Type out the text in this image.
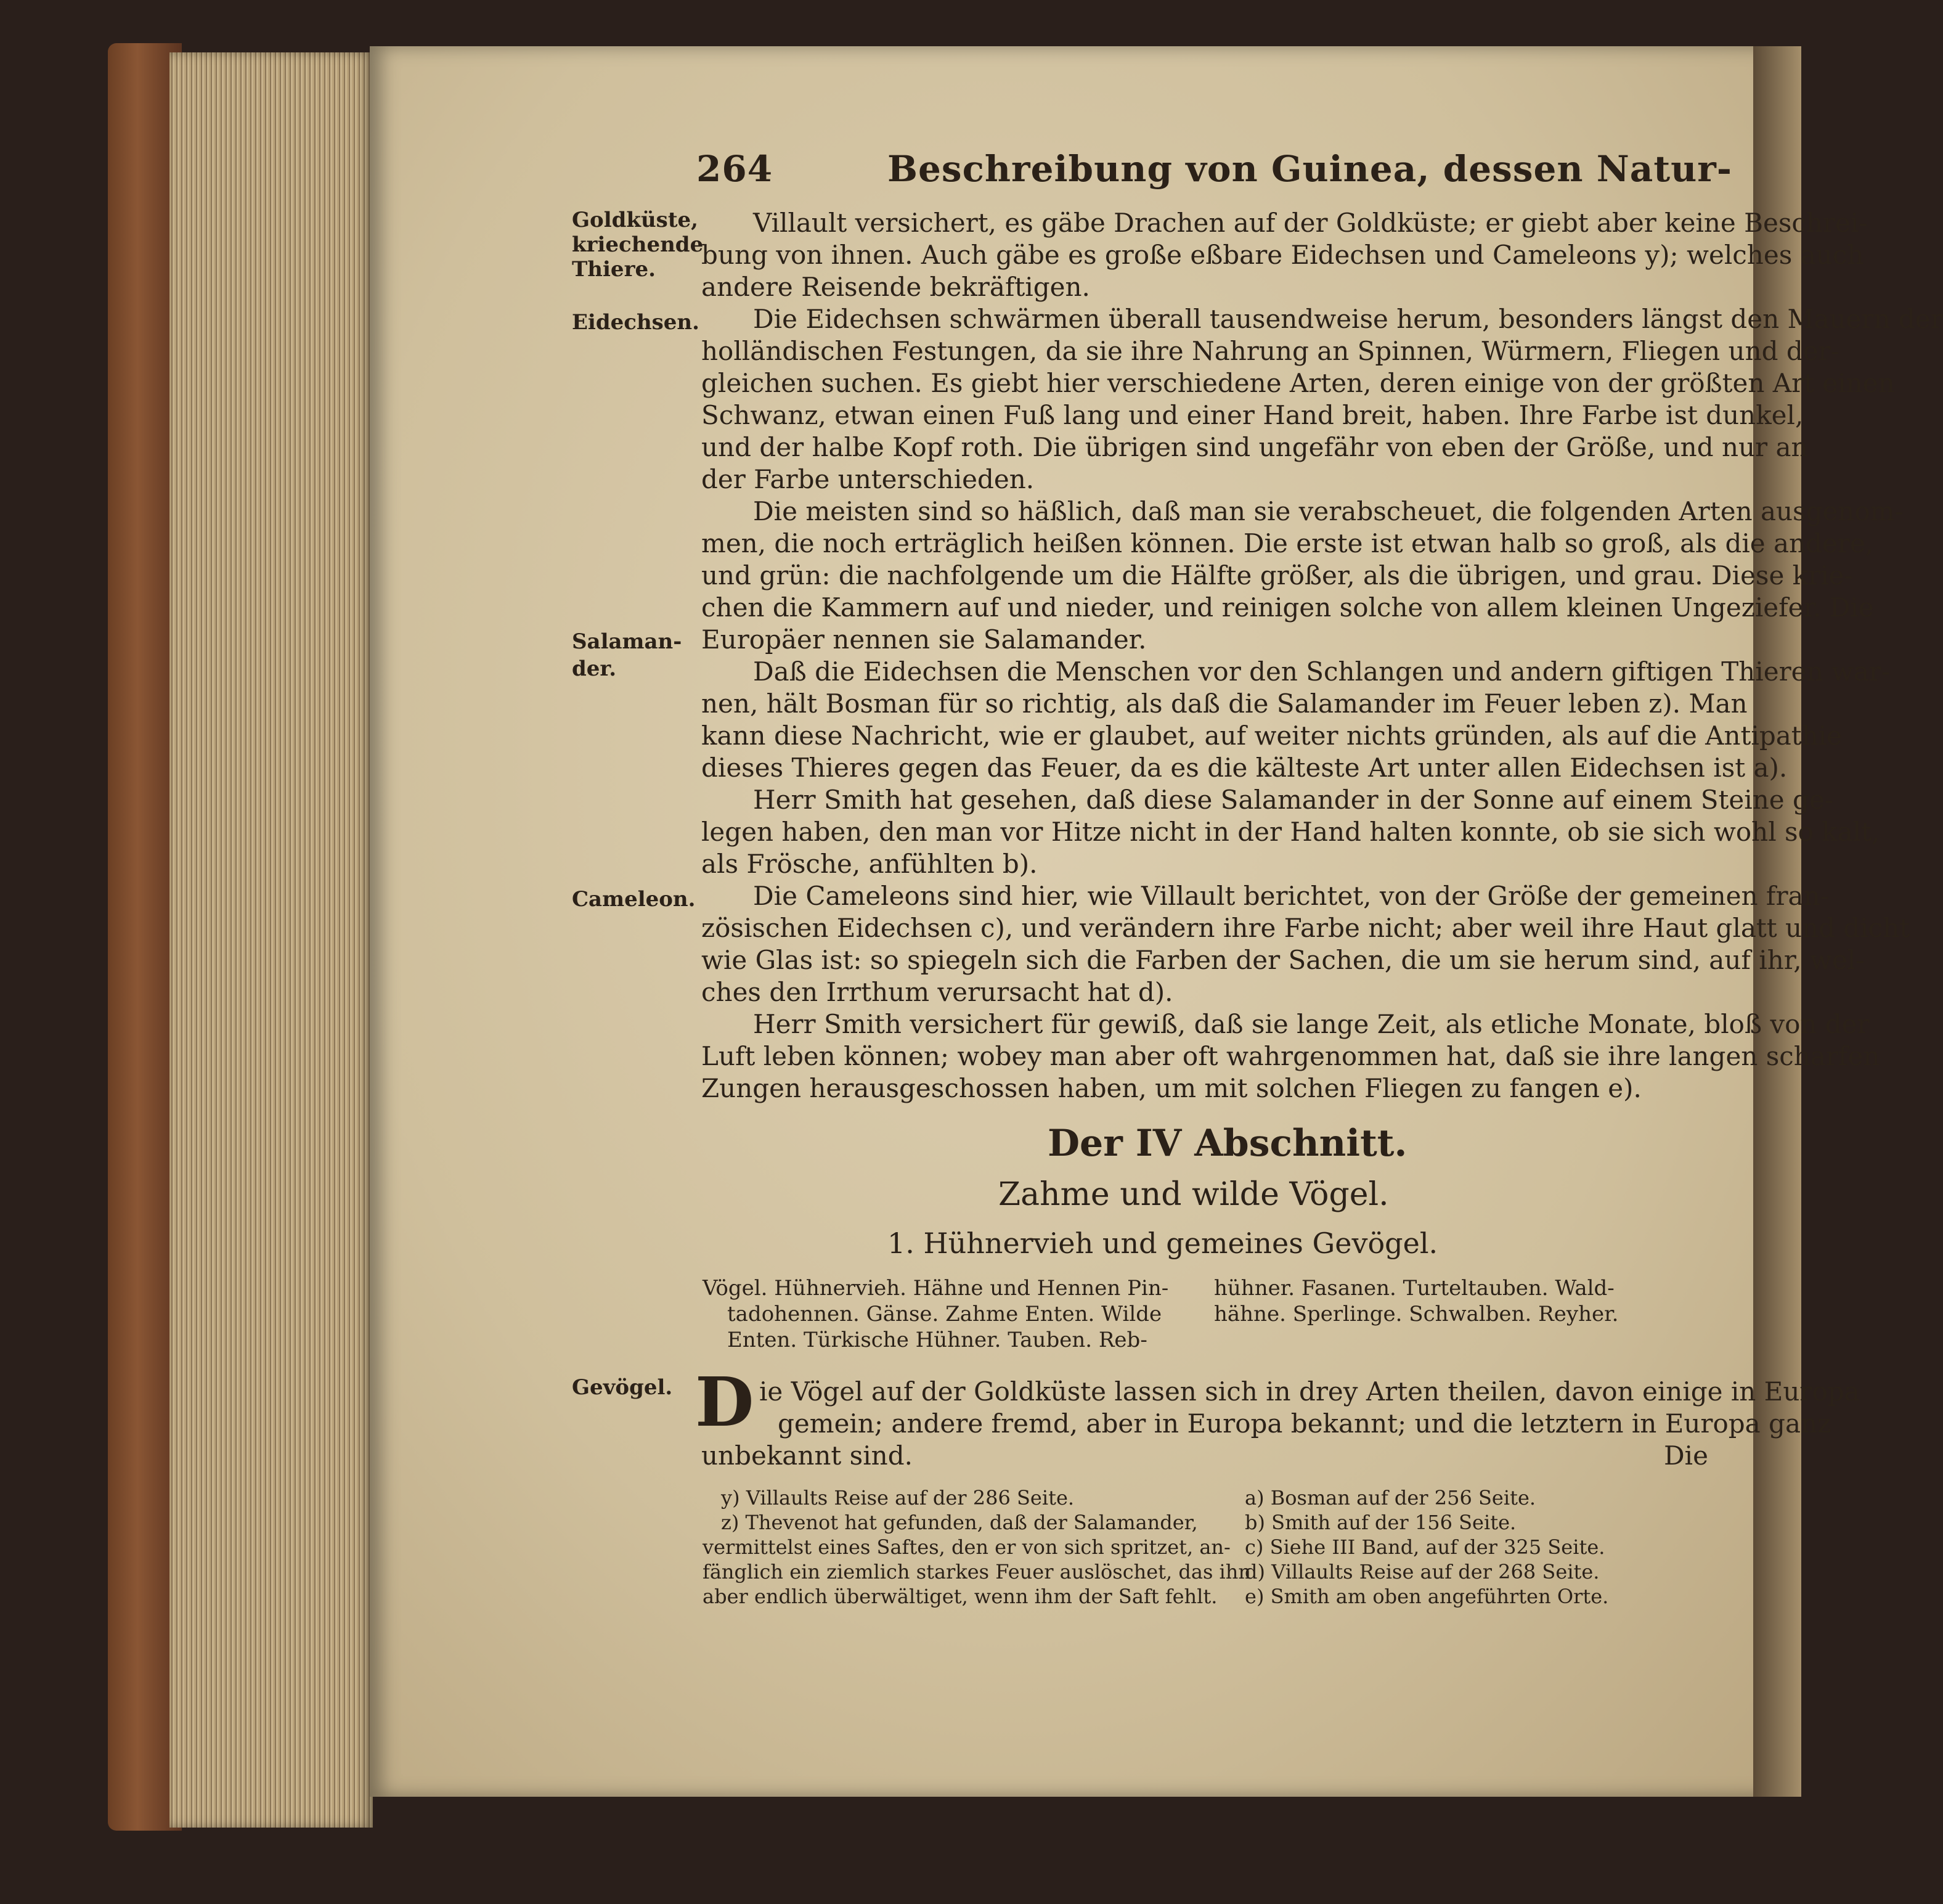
264	Beschreibung von Guinea, dessen Natur-
Goldküste,
kriechende
Thiere.
Eidechsen.
Salaman-
der.
Cameleon.
Gevögel.
Villault versichert, es gäbe Drachen auf der Goldküste; er giebt aber keine Beschrei-
bung von ihnen. Auch gäbe es große eßbare Eidechsen und Cameleons y); welches auch
andere Reisende bekräftigen.
Die Eidechsen schwärmen überall tausendweise herum, besonders längst den Mauern der
holländischen Festungen, da sie ihre Nahrung an Spinnen, Würmern, Fliegen und der-
gleichen suchen. Es giebt hier verschiedene Arten, deren einige von der größten Art einen
Schwanz, etwan einen Fuß lang und einer Hand breit, haben. Ihre Farbe ist dunkel,
und der halbe Kopf roth. Die übrigen sind ungefähr von eben der Größe, und nur an
der Farbe unterschieden.
Die meisten sind so häßlich, daß man sie verabscheuet, die folgenden Arten ausgenom-
men, die noch erträglich heißen können. Die erste ist etwan halb so groß, als die andere,
und grün: die nachfolgende um die Hälfte größer, als die übrigen, und grau. Diese krie-
chen die Kammern auf und nieder, und reinigen solche von allem kleinen Ungeziefer. Die
Europäer nennen sie Salamander.
Daß die Eidechsen die Menschen vor den Schlangen und andern giftigen Thieren war-
nen, hält Bosman für so richtig, als daß die Salamander im Feuer leben z). Man
kann diese Nachricht, wie er glaubet, auf weiter nichts gründen, als auf die Antipathie
dieses Thieres gegen das Feuer, da es die kälteste Art unter allen Eidechsen ist a).
Herr Smith hat gesehen, daß diese Salamander in der Sonne auf einem Steine ge-
legen haben, den man vor Hitze nicht in der Hand halten konnte, ob sie sich wohl so kalt,
als Frösche, anfühlten b).
Die Cameleons sind hier, wie Villault berichtet, von der Größe der gemeinen fran-
zösischen Eidechsen c), und verändern ihre Farbe nicht; aber weil ihre Haut glatt und dicht
wie Glas ist: so spiegeln sich die Farben der Sachen, die um sie herum sind, auf ihr, wel-
ches den Irrthum verursacht hat d).
Herr Smith versichert für gewiß, daß sie lange Zeit, als etliche Monate, bloß von der
Luft leben können; wobey man aber oft wahrgenommen hat, daß sie ihre langen scharfen
Zungen herausgeschossen haben, um mit solchen Fliegen zu fangen e).
Der IV Abschnitt.
Zahme und wilde Vögel.
1. Hühnervieh und gemeines Gevögel.
Vögel. Hühnervieh. Hähne und Hennen Pin-
tadohennen. Gänse. Zahme Enten. Wilde
Enten. Türkische Hühner. Tauben. Reb-
hühner. Fasanen. Turteltauben. Wald-
hähne. Sperlinge. Schwalben. Reyher.
D ie Vögel auf der Goldküste lassen sich in drey Arten theilen, davon einige in Europa
gemein; andere fremd, aber in Europa bekannt; und die letztern in Europa ganz
unbekannt sind.	Die
y) Villaults Reise auf der 286 Seite.
z) Thevenot hat gefunden, daß der Salamander,
vermittelst eines Saftes, den er von sich spritzet, an-
fänglich ein ziemlich starkes Feuer auslöschet, das ihn
aber endlich überwältiget, wenn ihm der Saft fehlt.
a) Bosman auf der 256 Seite.
b) Smith auf der 156 Seite.
c) Siehe III Band, auf der 325 Seite.
d) Villaults Reise auf der 268 Seite.
e) Smith am oben angeführten Orte.
